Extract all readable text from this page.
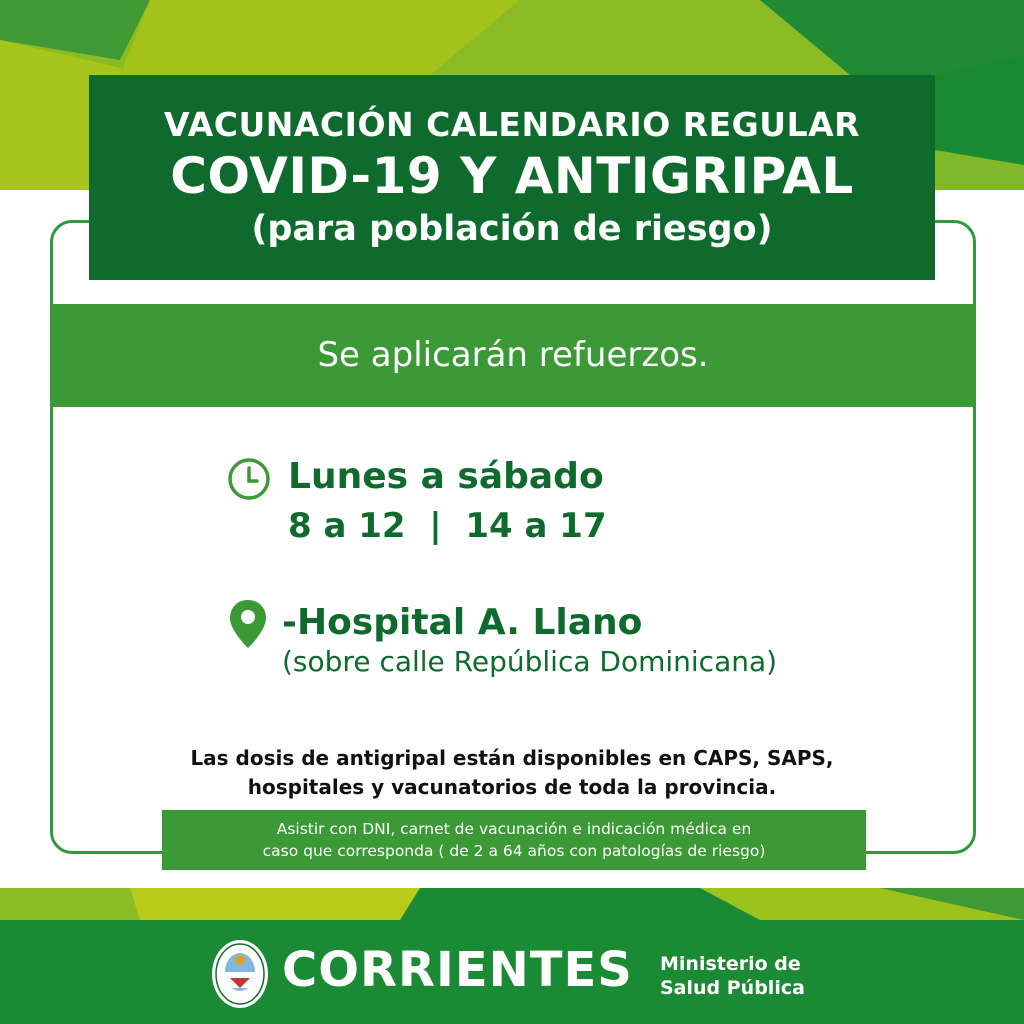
VACUNACIÓN CALENDARIO REGULAR
COVID-19 Y ANTIGRIPAL
(para población de riesgo)
Se aplicarán refuerzos.
Lunes a sábado
8 a 12  |  14 a 17
-Hospital A. Llano
(sobre calle República Dominicana)
Las dosis de antigripal están disponibles en CAPS, SAPS,
hospitales y vacunatorios de toda la provincia.
Asistir con DNI, carnet de vacunación e indicación médica en
caso que corresponda ( de 2 a 64 años con patologías de riesgo)
CORRIENTES Ministerio de
Salud Pública
